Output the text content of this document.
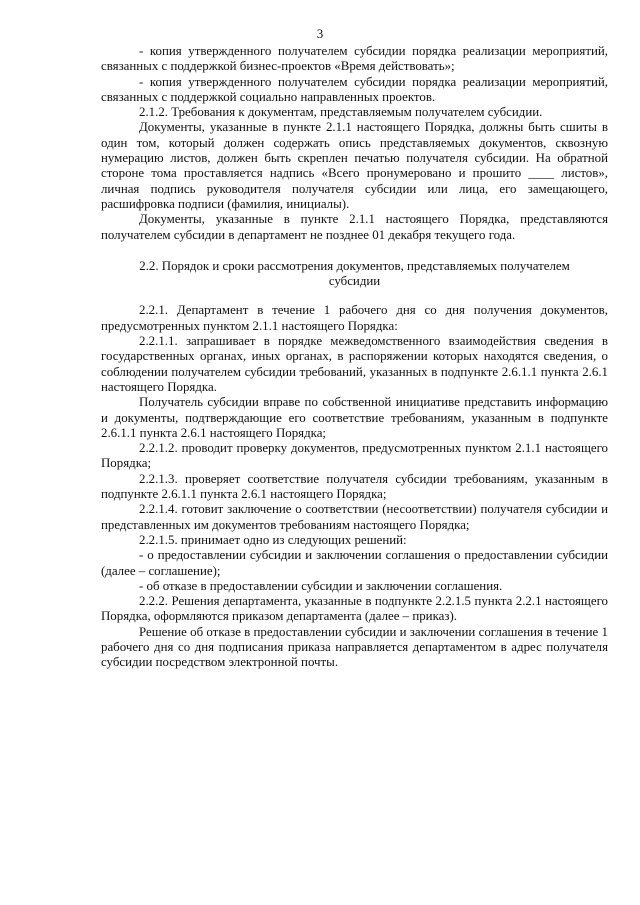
3

- копия утвержденного получателем субсидии порядка реализации мероприятий, связанных с поддержкой бизнес-проектов «Время действовать»;

- копия утвержденного получателем субсидии порядка реализации мероприятий, связанных с поддержкой социально направленных проектов.

2.1.2. Требования к документам, представляемым получателем субсидии.

Документы, указанные в пункте 2.1.1 настоящего Порядка, должны быть сшиты в один том, который должен содержать опись представляемых документов, сквозную нумерацию листов, должен быть скреплен печатью получателя субсидии. На обратной стороне тома проставляется надпись «Всего пронумеровано и прошито ____ листов», личная подпись руководителя получателя субсидии или лица, его замещающего, расшифровка подписи (фамилия, инициалы).

Документы, указанные в пункте 2.1.1 настоящего Порядка, представляются получателем субсидии в департамент не позднее 01 декабря текущего года.

2.2. Порядок и сроки рассмотрения документов, представляемых получателем субсидии

2.2.1. Департамент в течение 1 рабочего дня со дня получения документов, предусмотренных пунктом 2.1.1 настоящего Порядка:

2.2.1.1. запрашивает в порядке межведомственного взаимодействия сведения в государственных органах, иных органах, в распоряжении которых находятся сведения, о соблюдении получателем субсидии требований, указанных в подпункте 2.6.1.1 пункта 2.6.1 настоящего Порядка.

Получатель субсидии вправе по собственной инициативе представить информацию и документы, подтверждающие его соответствие требованиям, указанным в подпункте 2.6.1.1 пункта 2.6.1 настоящего Порядка;

2.2.1.2. проводит проверку документов, предусмотренных пунктом 2.1.1 настоящего Порядка;

2.2.1.3. проверяет соответствие получателя субсидии требованиям, указанным в подпункте 2.6.1.1 пункта 2.6.1 настоящего Порядка;

2.2.1.4. готовит заключение о соответствии (несоответствии) получателя субсидии и представленных им документов требованиям настоящего Порядка;

2.2.1.5. принимает одно из следующих решений:

- о предоставлении субсидии и заключении соглашения о предоставлении субсидии (далее – соглашение);

- об отказе в предоставлении субсидии и заключении соглашения.

2.2.2. Решения департамента, указанные в подпункте 2.2.1.5 пункта 2.2.1 настоящего Порядка, оформляются приказом департамента (далее – приказ).

Решение об отказе в предоставлении субсидии и заключении соглашения в течение 1 рабочего дня со дня подписания приказа направляется департаментом в адрес получателя субсидии посредством электронной почты.
